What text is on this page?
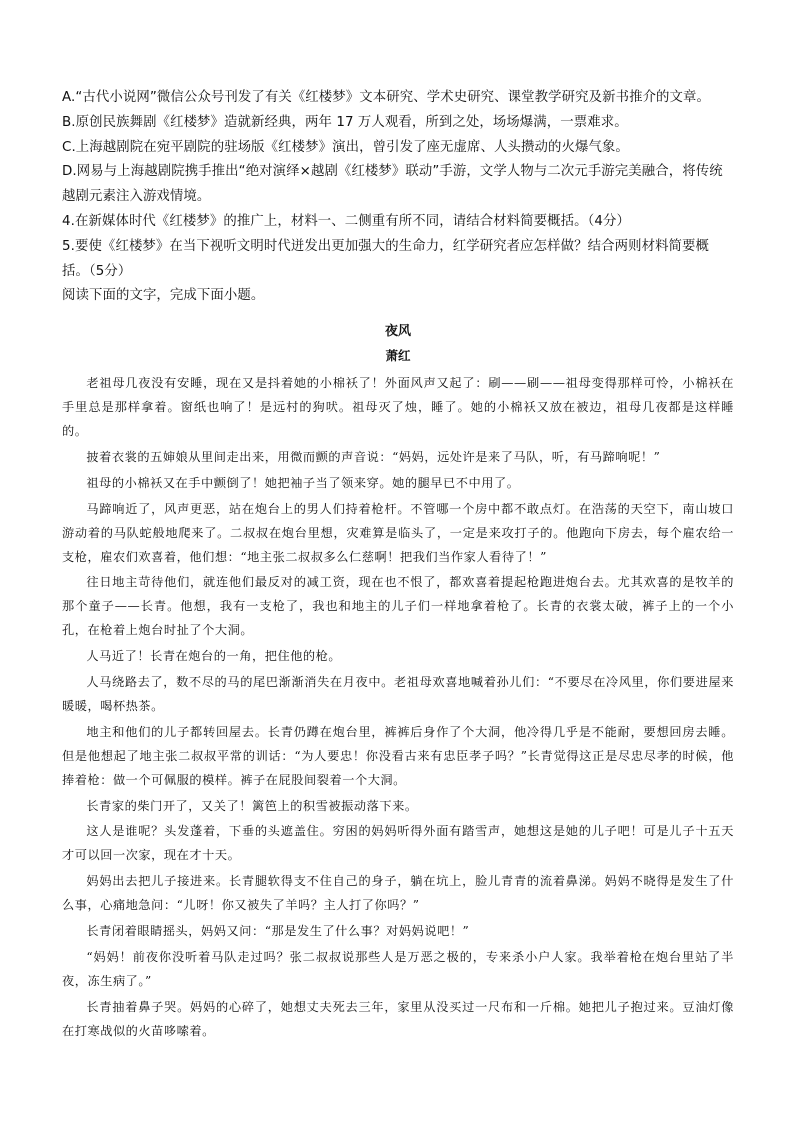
A.“古代小说网”微信公众号刊发了有关《红楼梦》文本研究、学术史研究、课堂教学研究及新书推介的文章。

B.原创民族舞剧《红楼梦》造就新经典，两年 17 万人观看，所到之处，场场爆满，一票难求。

C.上海越剧院在宛平剧院的驻场版《红楼梦》演出，曾引发了座无虚席、人头攒动的火爆气象。

D.网易与上海越剧院携手推出“绝对演绎×越剧《红楼梦》联动”手游，文学人物与二次元手游完美融合，将传统越剧元素注入游戏情境。

4.在新媒体时代《红楼梦》的推广上，材料一、二侧重有所不同，请结合材料简要概括。（4分）

5.要使《红楼梦》在当下视听文明时代迸发出更加强大的生命力，红学研究者应怎样做？结合两则材料简要概括。（5分）

阅读下面的文字，完成下面小题。

夜风
萧红

老祖母几夜没有安睡，现在又是抖着她的小棉袄了！外面风声又起了：刷——刷——祖母变得那样可怜，小棉袄在手里总是那样拿着。窗纸也响了！是远村的狗吠。祖母灭了烛，睡了。她的小棉袄又放在被边，祖母几夜都是这样睡的。

披着衣裳的五婶娘从里间走出来，用微而颤的声音说：“妈妈，远处许是来了马队，听，有马蹄响呢！”

祖母的小棉袄又在手中颤倒了！她把袖子当了领来穿。她的腿早已不中用了。

马蹄响近了，风声更恶，站在炮台上的男人们持着枪杆。不管哪一个房中都不敢点灯。在浩荡的天空下，南山坡口游动着的马队蛇般地爬来了。二叔叔在炮台里想，灾难算是临头了，一定是来攻打子的。他跑向下房去，每个雇农给一支枪，雇农们欢喜着，他们想：“地主张二叔叔多么仁慈啊！把我们当作家人看待了！”

往日地主苛待他们，就连他们最反对的减工资，现在也不恨了，都欢喜着提起枪跑进炮台去。尤其欢喜的是牧羊的那个童子——长青。他想，我有一支枪了，我也和地主的儿子们一样地拿着枪了。长青的衣裳太破，裤子上的一个小孔，在枪着上炮台时扯了个大洞。

人马近了！长青在炮台的一角，把住他的枪。

人马绕路去了，数不尽的马的尾巴渐渐消失在月夜中。老祖母欢喜地喊着孙儿们：“不要尽在冷风里，你们要进屋来暖暖，喝杯热茶。

地主和他们的儿子都转回屋去。长青仍蹲在炮台里，裤裤后身作了个大洞，他冷得几乎是不能耐，要想回房去睡。但是他想起了地主张二叔叔平常的训话：“为人要忠！你没看古来有忠臣孝子吗？”长青觉得这正是尽忠尽孝的时候，他捧着枪：做一个可佩服的模样。裤子在屁股间裂着一个大洞。

长青家的柴门开了，又关了！篱笆上的积雪被振动落下来。

这人是谁呢？头发蓬着，下垂的头遮盖住。穷困的妈妈听得外面有踏雪声，她想这是她的儿子吧！可是儿子十五天才可以回一次家，现在才十天。

妈妈出去把儿子接进来。长青腿软得支不住自己的身子，躺在坑上，脸儿青青的流着鼻涕。妈妈不晓得是发生了什么事，心痛地急问：“儿呀！你又被失了羊吗？主人打了你吗？”

长青闭着眼睛摇头，妈妈又问：“那是发生了什么事？对妈妈说吧！”

“妈妈！前夜你没听着马队走过吗？张二叔叔说那些人是万恶之极的，专来杀小户人家。我举着枪在炮台里站了半夜，冻生病了。”

长青抽着鼻子哭。妈妈的心碎了，她想丈夫死去三年，家里从没买过一尺布和一斤棉。她把儿子抱过来。豆油灯像在打寒战似的火苗哆嗦着。
